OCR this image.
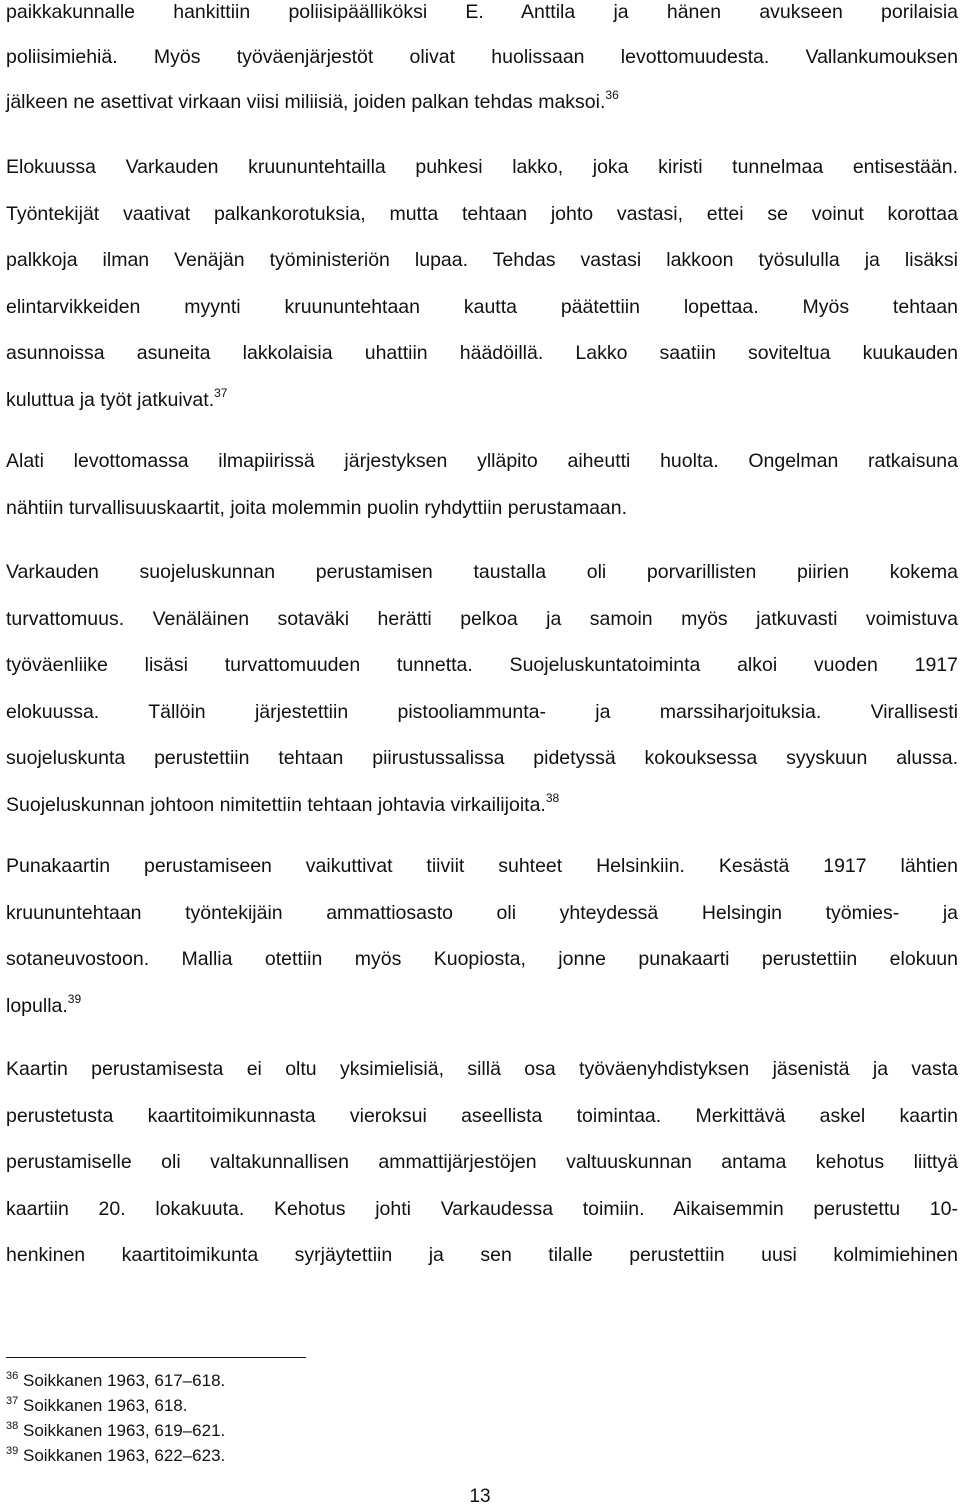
paikkakunnalle hankittiin poliisipäälliköksi E. Anttila ja hänen avukseen porilaisia
poliisimiehiä. Myös työväenjärjestöt olivat huolissaan levottomuudesta. Vallankumouksen
jälkeen ne asettivat virkaan viisi miliisiä, joiden palkan tehdas maksoi.$^{36}$
Elokuussa Varkauden kruununtehtailla puhkesi lakko, joka kiristi tunnelmaa entisestään.
Työntekijät vaativat palkankorotuksia, mutta tehtaan johto vastasi, ettei se voinut korottaa
palkkoja ilman Venäjän työministeriön lupaa. Tehdas vastasi lakkoon työsululla ja lisäksi
elintarvikkeiden myynti kruununtehtaan kautta päätettiin lopettaa. Myös tehtaan
asunnoissa asuneita lakkolaisia uhattiin häädöillä. Lakko saatiin soviteltua kuukauden
kuluttua ja työt jatkuivat.$^{37}$
Alati levottomassa ilmapiirissä järjestyksen ylläpito aiheutti huolta. Ongelman ratkaisuna
nähtiin turvallisuuskaartit, joita molemmin puolin ryhdyttiin perustamaan.
Varkauden suojeluskunnan perustamisen taustalla oli porvarillisten piirien kokema
turvattomuus. Venäläinen sotaväki herätti pelkoa ja samoin myös jatkuvasti voimistuva
työväenliike lisäsi turvattomuuden tunnetta. Suojeluskuntatoiminta alkoi vuoden 1917
elokuussa. Tällöin järjestettiin pistooliammunta- ja marssiharjoituksia. Virallisesti
suojeluskunta perustettiin tehtaan piirustussalissa pidetyssä kokouksessa syyskuun alussa.
Suojeluskunnan johtoon nimitettiin tehtaan johtavia virkailijoita.$^{38}$
Punakaartin perustamiseen vaikuttivat tiiviit suhteet Helsinkiin. Kesästä 1917 lähtien
kruununtehtaan työntekijäin ammattiosasto oli yhteydessä Helsingin työmies- ja
sotaneuvostoon. Mallia otettiin myös Kuopiosta, jonne punakaarti perustettiin elokuun
lopulla.$^{39}$
Kaartin perustamisesta ei oltu yksimielisiä, sillä osa työväenyhdistyksen jäsenistä ja vasta
perustetusta kaartitoimikunnasta vieroksui aseellista toimintaa. Merkittävä askel kaartin
perustamiselle oli valtakunnallisen ammattijärjestöjen valtuuskunnan antama kehotus liittyä
kaartiin 20. lokakuuta. Kehotus johti Varkaudessa toimiin. Aikaisemmin perustettu 10-
henkinen kaartitoimikunta syrjäytettiin ja sen tilalle perustettiin uusi kolmimiehinen
$^{36}$ Soikkanen 1963, 617–618.
$^{37}$ Soikkanen 1963, 618.
$^{38}$ Soikkanen 1963, 619–621.
$^{39}$ Soikkanen 1963, 622–623.
13
